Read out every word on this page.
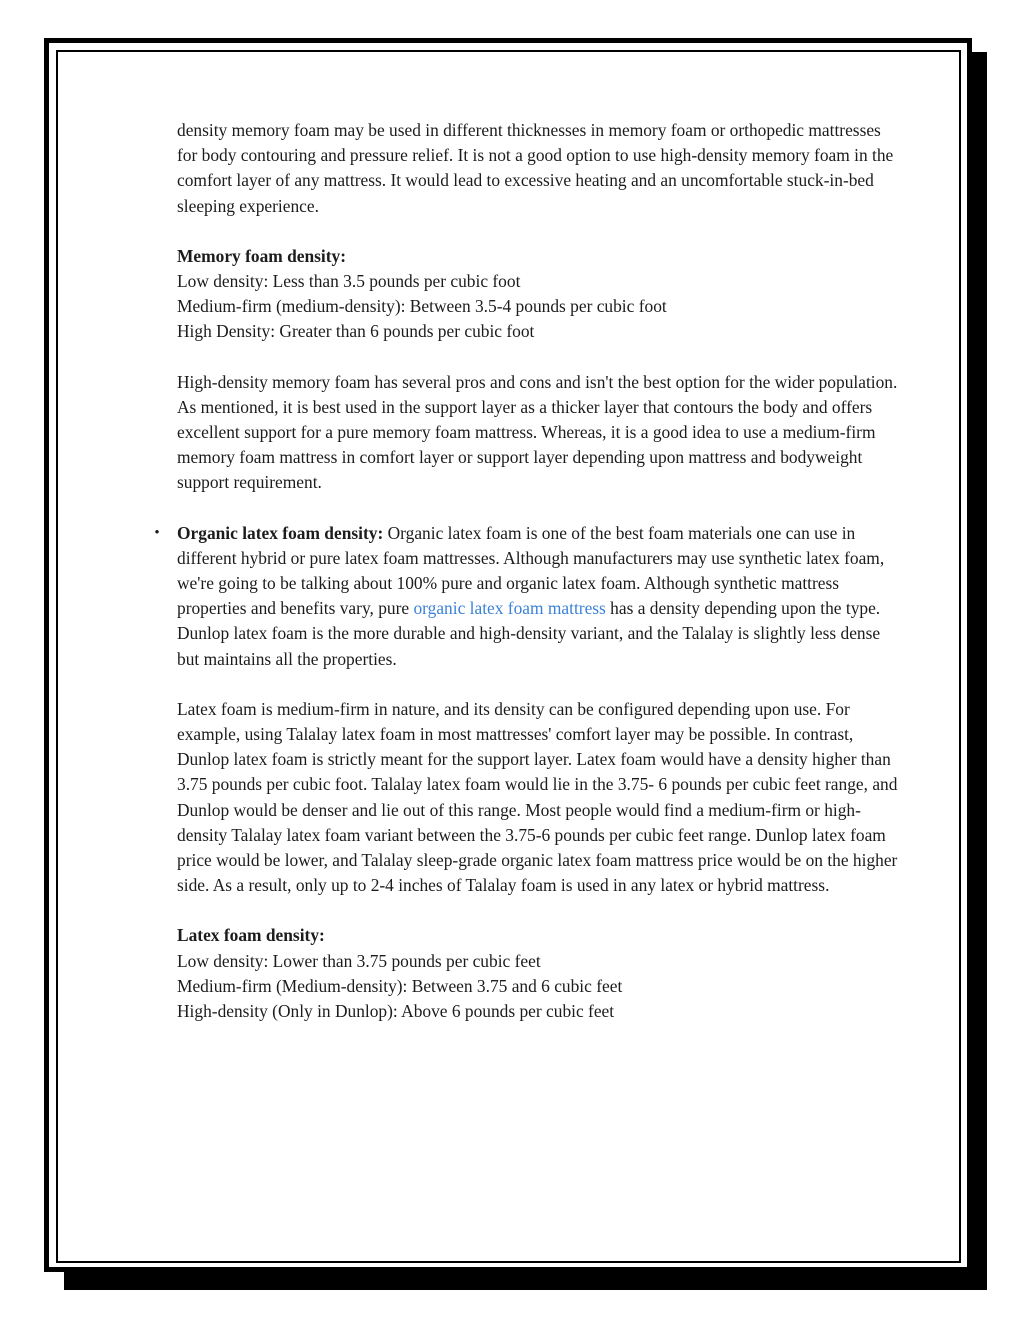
density memory foam may be used in different thicknesses in memory foam or orthopedic mattresses for body contouring and pressure relief. It is not a good option to use high-density memory foam in the comfort layer of any mattress. It would lead to excessive heating and an uncomfortable stuck-in-bed sleeping experience.

Memory foam density:

Low density: Less than 3.5 pounds per cubic foot

Medium-firm (medium-density): Between 3.5-4 pounds per cubic foot

High Density: Greater than 6 pounds per cubic foot

High-density memory foam has several pros and cons and isn't the best option for the wider population. As mentioned, it is best used in the support layer as a thicker layer that contours the body and offers excellent support for a pure memory foam mattress. Whereas, it is a good idea to use a medium-firm memory foam mattress in comfort layer or support layer depending upon mattress and bodyweight support requirement.

• Organic latex foam density: Organic latex foam is one of the best foam materials one can use in different hybrid or pure latex foam mattresses. Although manufacturers may use synthetic latex foam, we're going to be talking about 100% pure and organic latex foam. Although synthetic mattress properties and benefits vary, pure organic latex foam mattress has a density depending upon the type. Dunlop latex foam is the more durable and high-density variant, and the Talalay is slightly less dense but maintains all the properties.

Latex foam is medium-firm in nature, and its density can be configured depending upon use. For example, using Talalay latex foam in most mattresses' comfort layer may be possible. In contrast, Dunlop latex foam is strictly meant for the support layer. Latex foam would have a density higher than 3.75 pounds per cubic foot. Talalay latex foam would lie in the 3.75- 6 pounds per cubic feet range, and Dunlop would be denser and lie out of this range. Most people would find a medium-firm or high-density Talalay latex foam variant between the 3.75-6 pounds per cubic feet range. Dunlop latex foam price would be lower, and Talalay sleep-grade organic latex foam mattress price would be on the higher side. As a result, only up to 2-4 inches of Talalay foam is used in any latex or hybrid mattress.

Latex foam density:

Low density: Lower than 3.75 pounds per cubic feet

Medium-firm (Medium-density): Between 3.75 and 6 cubic feet

High-density (Only in Dunlop): Above 6 pounds per cubic feet
